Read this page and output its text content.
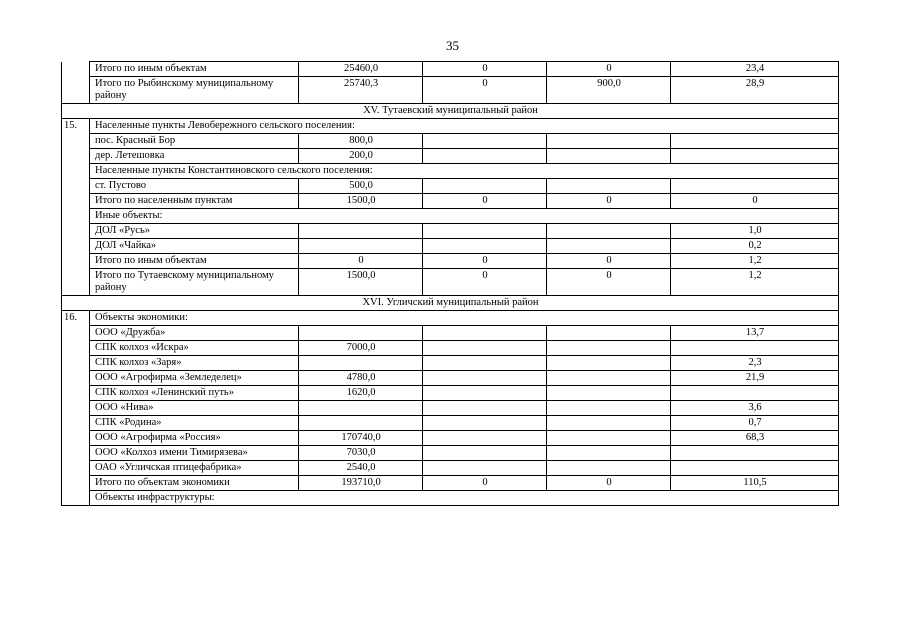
35
	Итого по иным объектам	25460,0	0	0	23,4
	Итого по Рыбинскому муниципальному району	25740,3	0	900,0	28,9
XV. Тутаевский муниципальный район					
15.	Населенные пункты Левобережного сельского поселения:				
	пос. Красный Бор	800,0			
	дер. Летешовка	200,0			
	Населенные пункты Константиновского сельского поселения:				
	ст. Пустово	500,0			
	Итого по населенным пунктам	1500,0	0	0	0
	Иные объекты:				
	ДОЛ «Русь»				1,0
	ДОЛ «Чайка»				0,2
	Итого по иным объектам	0	0	0	1,2
	Итого по Тутаевскому муниципальному району	1500,0	0	0	1,2
XVI. Угличский муниципальный район					
16.	Объекты экономики:				
	ООО «Дружба»				13,7
	СПК колхоз «Искра»	7000,0			
	СПК колхоз «Заря»				2,3
	ООО «Агрофирма «Земледелец»	4780,0			21,9
	СПК колхоз «Ленинский путь»	1620,0			
	ООО «Нива»				3,6
	СПК «Родина»				0,7
	ООО «Агрофирма «Россия»	170740,0			68,3
	ООО «Колхоз имени Тимирязева»	7030,0			
	ОАО «Угличская птицефабрика»	2540,0			
	Итого по объектам экономики	193710,0	0	0	110,5
	Объекты инфраструктуры:				
